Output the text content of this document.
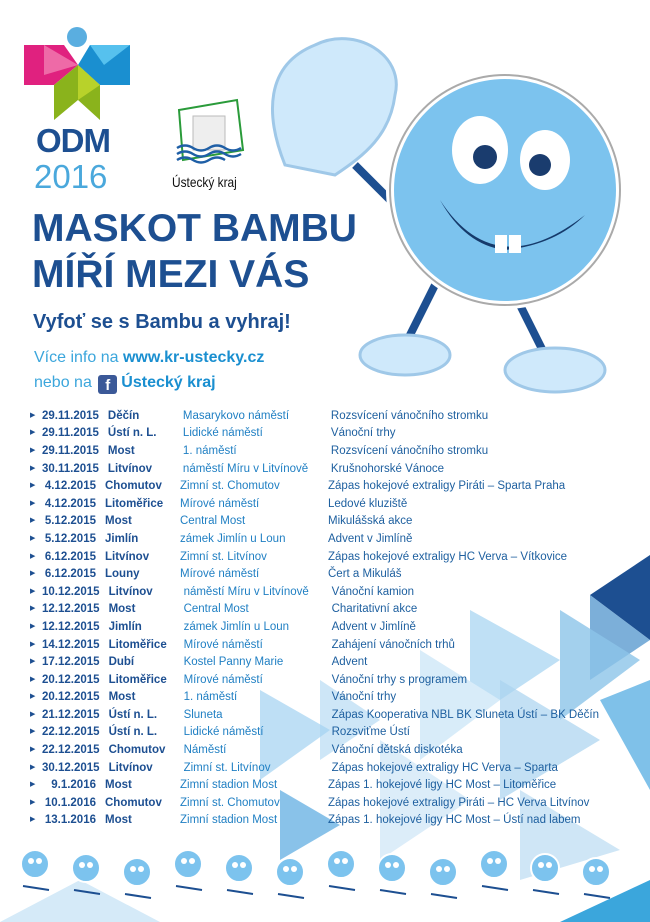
ODM
2016	Ústecký kraj
MASKOT BAMBU
MÍŘÍ MEZI VÁS
Vyfoť se s Bambu a vyhraj!
Více info na www.kr-ustecky.cz
nebo na f Ústecký kraj
▶ 29.11.2015 Děčín	Masarykovo náměstí	Rozsvícení vánočního stromku
▶ 29.11.2015 Ústí n. L.	Lidické náměstí	Vánoční trhy
▶ 29.11.2015 Most	1. náměstí	Rozsvícení vánočního stromku
▶ 30.11.2015 Litvínov	náměstí Míru v Litvínově	Krušnohorské Vánoce
▶ 4.12.2015 Chomutov	Zimní st. Chomutov	Zápas hokejové extraligy Piráti – Sparta Praha
▶ 4.12.2015 Litoměřice	Mírové náměstí	Ledové kluziště
▶ 5.12.2015 Most	Central Most	Mikulášská akce
▶ 5.12.2015 Jimlín	zámek Jimlín u Loun	Advent v Jimlíně
▶ 6.12.2015 Litvínov	Zimní st. Litvínov	Zápas hokejové extraligy HC Verva – Vítkovice
▶ 6.12.2015 Louny	Mírové náměstí	Čert a Mikuláš
▶ 10.12.2015 Litvínov	náměstí Míru v Litvínově	Vánoční kamion
▶ 12.12.2015 Most	Central Most	Charitativní akce
▶ 12.12.2015 Jimlín	zámek Jimlín u Loun	Advent v Jimlíně
▶ 14.12.2015 Litoměřice	Mírové náměstí	Zahájení vánočních trhů
▶ 17.12.2015 Dubí	Kostel Panny Marie	Advent
▶ 20.12.2015 Litoměřice	Mírové náměstí	Vánoční trhy s programem
▶ 20.12.2015 Most	1. náměstí	Vánoční trhy
▶ 21.12.2015 Ústí n. L.	Sluneta	Zápas Kooperativa NBL BK Sluneta Ústí – BK Děčín
▶ 22.12.2015 Ústí n. L.	Lidické náměstí	Rozsviťme Ústí
▶ 22.12.2015 Chomutov	Náměstí	Vánoční dětská diskotéka
▶ 30.12.2015 Litvínov	Zimní st. Litvínov	Zápas hokejové extraligy HC Verva – Sparta
▶	9.1.2016 Most	Zimní stadion Most	Zápas 1. hokejové ligy HC Most – Litoměřice
▶ 10.1.2016 Chomutov	Zimní st. Chomutov	Zápas hokejové extraligy Piráti – HC Verva Litvínov
▶ 13.1.2016 Most	Zimní stadion Most	Zápas 1. hokejové ligy HC Most – Ústí nad labem
